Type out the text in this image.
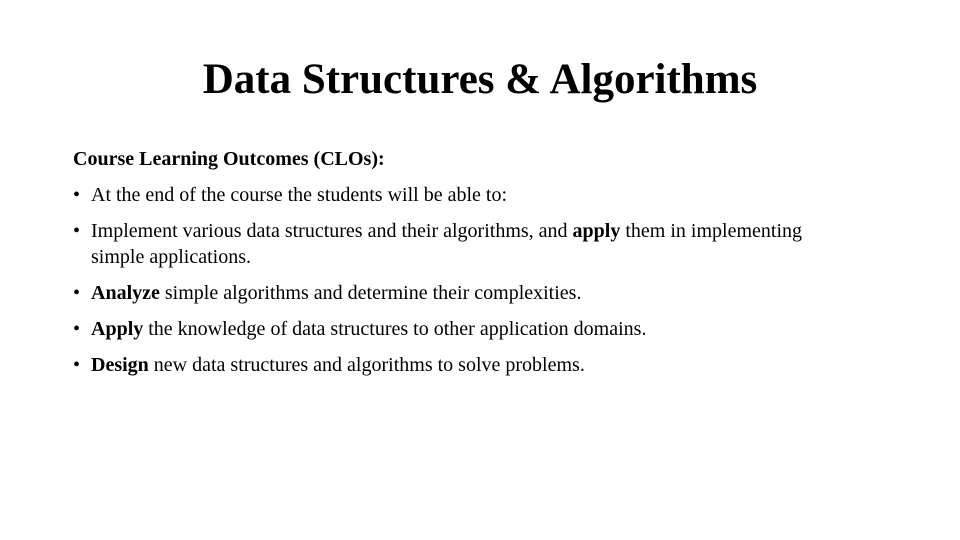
Data Structures & Algorithms

Course Learning Outcomes (CLOs):

• At the end of the course the students will be able to:
• Implement various data structures and their algorithms, and apply them in implementing simple applications.
• Analyze simple algorithms and determine their complexities.
• Apply the knowledge of data structures to other application domains.
• Design new data structures and algorithms to solve problems.
